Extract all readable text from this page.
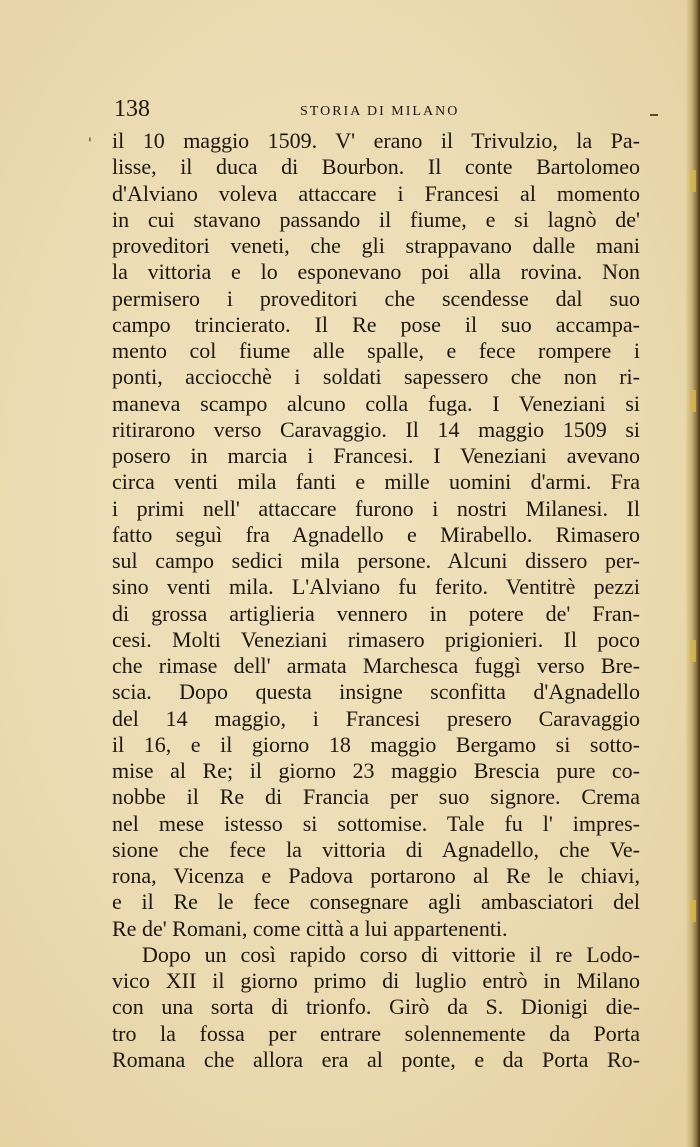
138	STORIA DI MILANO
' il 10 maggio 1509. V' erano il Trivulzio, la Pa-
lisse, il duca di Bourbon. Il conte Bartolomeo
d'Alviano voleva attaccare i Francesi al momento
in cui stavano passando il fiume, e si lagnò de'
proveditori veneti, che gli strappavano dalle mani
la vittoria e lo esponevano poi alla rovina. Non
permisero i proveditori che scendesse dal suo
campo trincierato. Il Re pose il suo accampa-
mento col fiume alle spalle, e fece rompere i
ponti, acciocchè i soldati sapessero che non ri-
maneva scampo alcuno colla fuga. I Veneziani si
ritirarono verso Caravaggio. Il 14 maggio 1509 si
posero in marcia i Francesi. I Veneziani avevano
circa venti mila fanti e mille uomini d'armi. Fra
i primi nell' attaccare furono i nostri Milanesi. Il
fatto seguì fra Agnadello e Mirabello. Rimasero
sul campo sedici mila persone. Alcuni dissero per-
sino venti mila. L'Alviano fu ferito. Ventitrè pezzi
di grossa artiglieria vennero in potere de' Fran-
cesi. Molti Veneziani rimasero prigionieri. Il poco
che rimase dell' armata Marchesca fuggì verso Bre-
scia. Dopo questa insigne sconfitta d'Agnadello
del 14 maggio, i Francesi presero Caravaggio
il 16, e il giorno 18 maggio Bergamo si sotto-
mise al Re; il giorno 23 maggio Brescia pure co-
nobbe il Re di Francia per suo signore. Crema
nel mese istesso si sottomise. Tale fu l' impres-
sione che fece la vittoria di Agnadello, che Ve-
rona, Vicenza e Padova portarono al Re le chiavi,
e il Re le fece consegnare agli ambasciatori del
Re de' Romani, come città a lui appartenenti.
Dopo un così rapido corso di vittorie il re Lodo-
vico XII il giorno primo di luglio entrò in Milano
con una sorta di trionfo. Girò da S. Dionigi die-
tro la fossa per entrare solennemente da Porta
Romana che allora era al ponte, e da Porta Ro-
